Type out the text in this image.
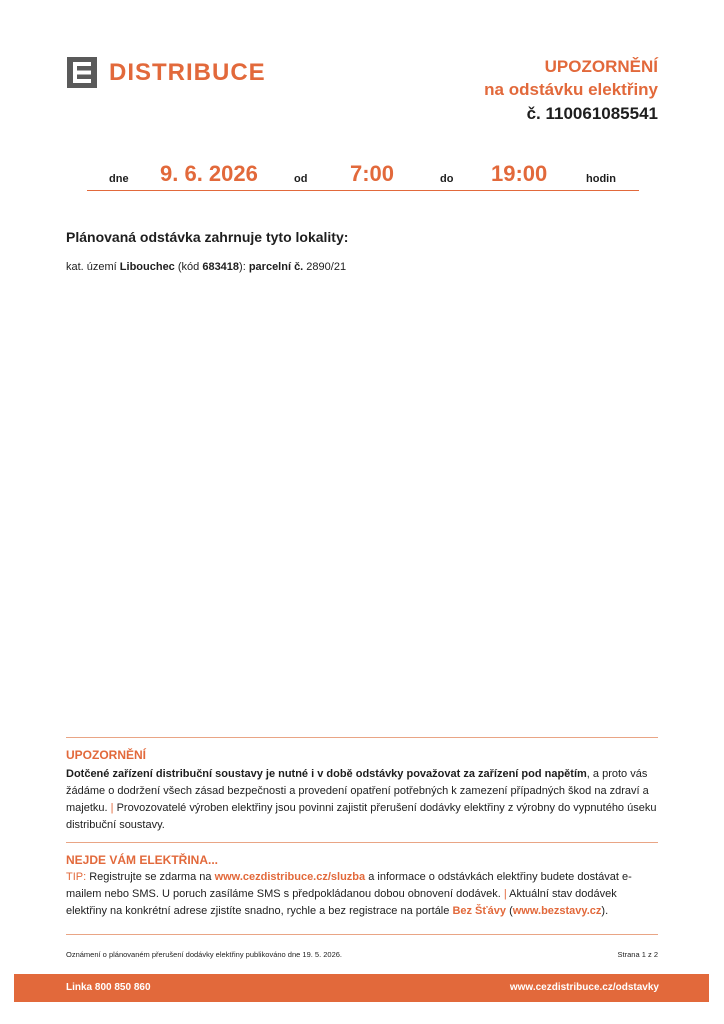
DISTRIBUCE	UPOZORNĚNÍ
na odstávku elektřiny
č. 110061085541
dne 9. 6. 2026	od 7:00	do 19:00	hodin
Plánovaná odstávka zahrnuje tyto lokality:
kat. území Libouchec (kód 683418): parcelní č. 2890/21
UPOZORNĚNÍ
Dotčené zařízení distribuční soustavy je nutné i v době odstávky považovat za zařízení pod napětím, a proto vás žádáme o dodržení všech zásad bezpečnosti a provedení opatření potřebných k zamezení případných škod na zdraví a majetku. | Provozovatelé výroben elektřiny jsou povinni zajistit přerušení dodávky elektřiny z výrobny do vypnutého úseku distribuční soustavy.
NEJDE VÁM ELEKTŘINA...
TIP: Registrujte se zdarma na www.cezdistribuce.cz/sluzba a informace o odstávkách elektřiny budete dostávat e-mailem nebo SMS. U poruch zasíláme SMS s předpokládanou dobou obnovení dodávek. | Aktuální stav dodávek elektřiny na konkrétní adrese zjistíte snadno, rychle a bez registrace na portále Bez Šťávy (www.bezstavy.cz).
Oznámení o plánovaném přerušení dodávky elektřiny publikováno dne 19. 5. 2026.	Strana 1 z 2
Linka 800 850 860	www.cezdistribuce.cz/odstavky
